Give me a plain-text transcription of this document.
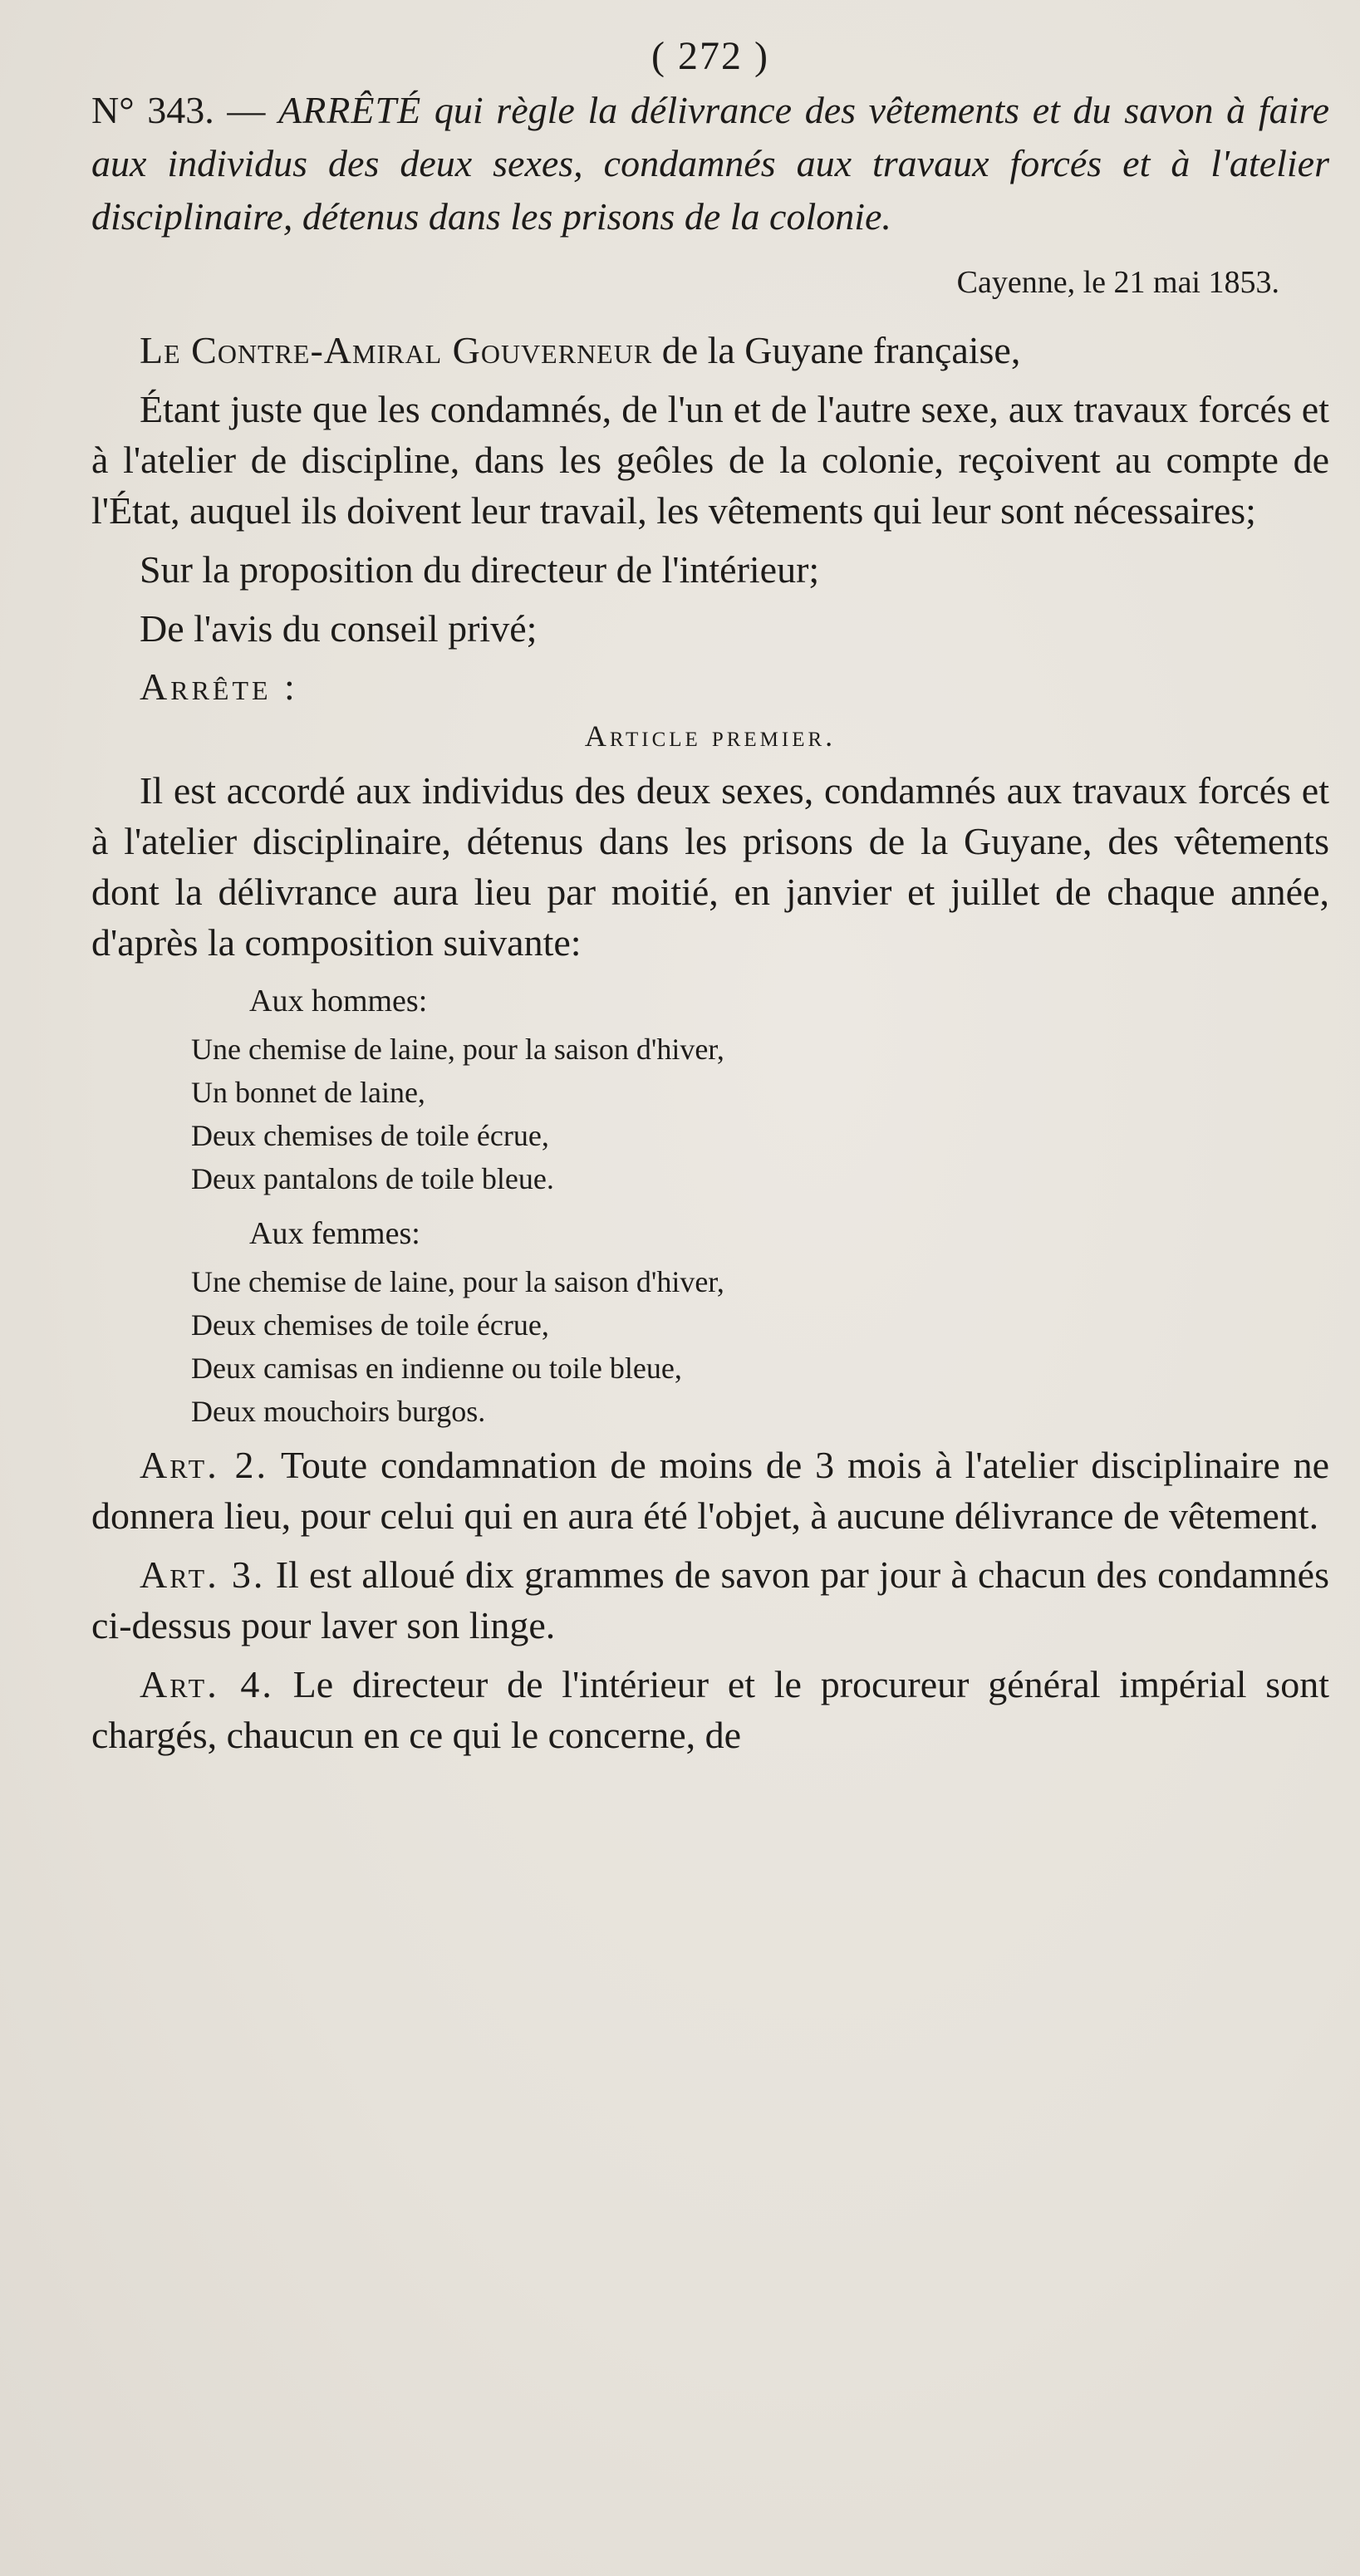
( 272 )
N° 343. — ARRÊTÉ qui règle la délivrance des vêtements et du savon à faire aux individus des deux sexes, condamnés aux travaux forcés et à l'atelier disciplinaire, détenus dans les prisons de la colonie.
Cayenne, le 21 mai 1853.

Le Contre-Amiral Gouverneur de la Guyane française,

Étant juste que les condamnés, de l'un et de l'autre sexe, aux travaux forcés et à l'atelier de discipline, dans les geôles de la colonie, reçoivent au compte de l'État, auquel ils doivent leur travail, les vêtements qui leur sont nécessaires;

Sur la proposition du directeur de l'intérieur;

De l'avis du conseil privé;

Arrête :
Article premier.

Il est accordé aux individus des deux sexes, condamnés aux travaux forcés et à l'atelier disciplinaire, détenus dans les prisons de la Guyane, des vêtements dont la délivrance aura lieu par moitié, en janvier et juillet de chaque année, d'après la composition suivante:

Aux hommes:
Une chemise de laine, pour la saison d'hiver,
Un bonnet de laine,
Deux chemises de toile écrue,
Deux pantalons de toile bleue.
Aux femmes:
Une chemise de laine, pour la saison d'hiver,
Deux chemises de toile écrue,
Deux camisas en indienne ou toile bleue,
Deux mouchoirs burgos.

Art. 2. Toute condamnation de moins de 3 mois à l'atelier disciplinaire ne donnera lieu, pour celui qui en aura été l'objet, à aucune délivrance de vêtement.

Art. 3. Il est alloué dix grammes de savon par jour à chacun des condamnés ci-dessus pour laver son linge.

Art. 4. Le directeur de l'intérieur et le procureur général impérial sont chargés, chaucun en ce qui le concerne, de
